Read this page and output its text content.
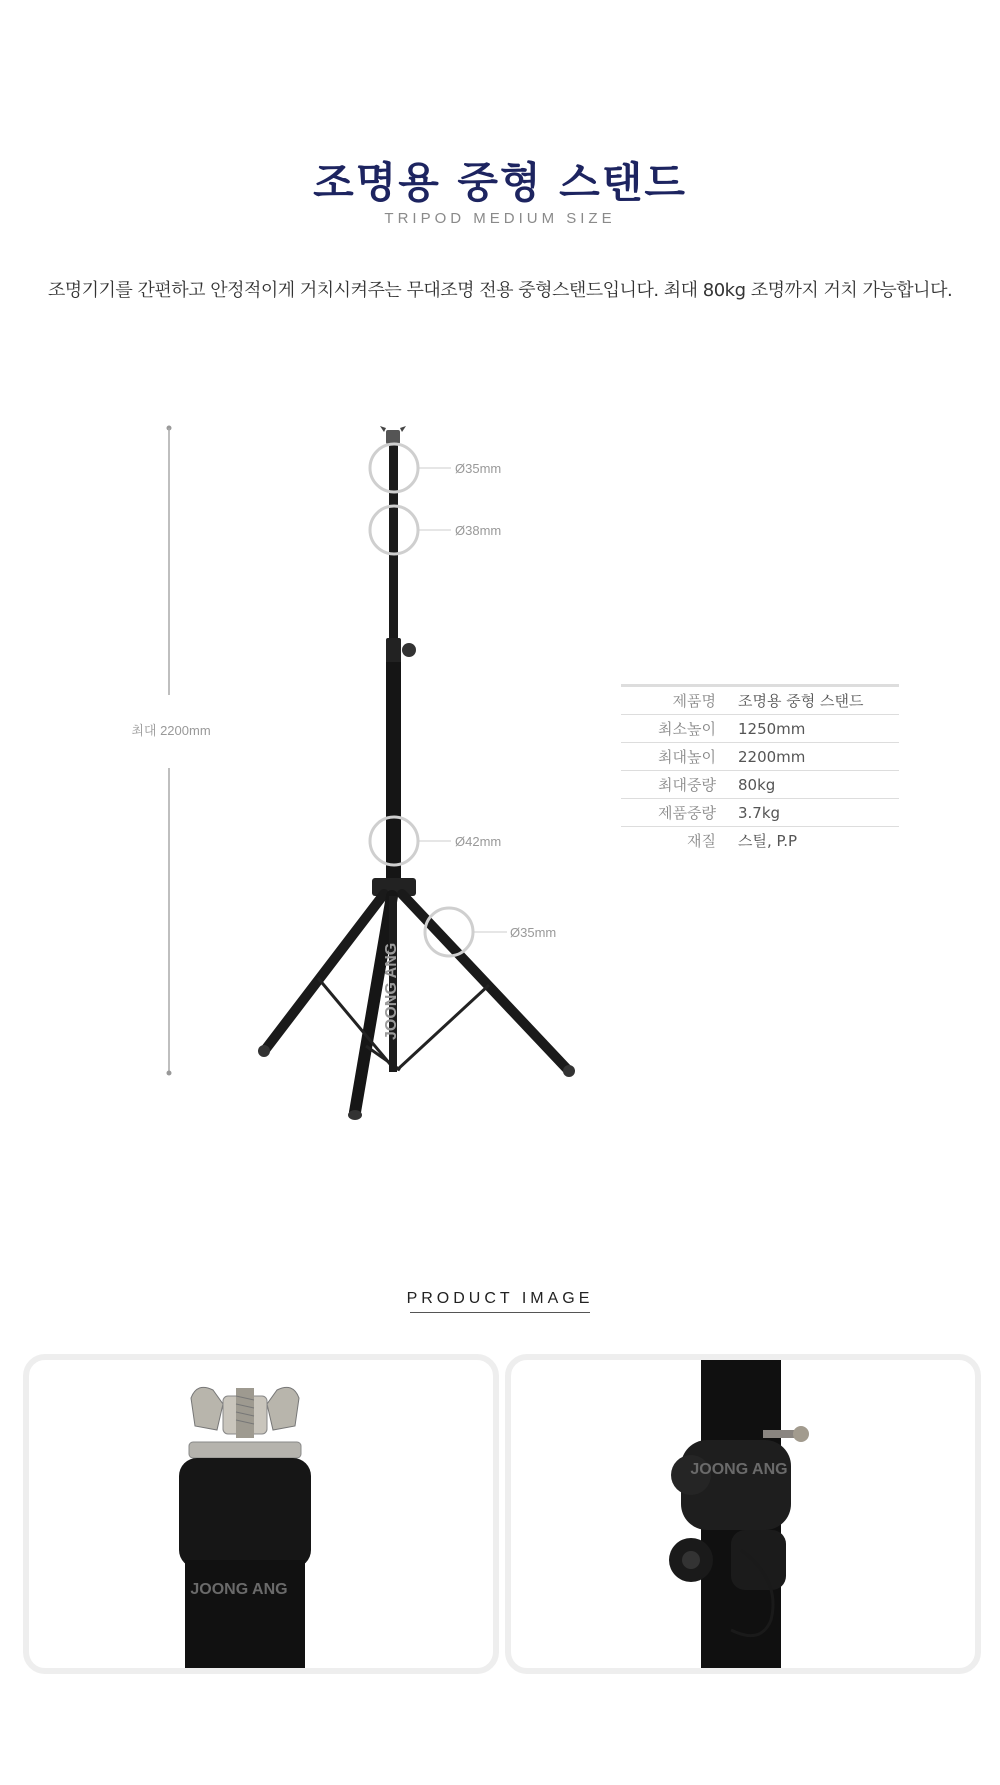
조명용 중형 스탠드
TRIPOD MEDIUM SIZE
조명기기를 간편하고 안정적이게 거치시켜주는 무대조명 전용 중형스탠드입니다. 최대 80kg 조명까지 거치 가능합니다.
최대 2200mm
JOONG ANG
Ø35mm
Ø38mm
Ø42mm
Ø35mm
제품명	조명용 중형 스탠드
최소높이	1250mm
최대높이	2200mm
최대중량	80kg
제품중량	3.7kg
재질	스틸, P.P
PRODUCT IMAGE
JOONG ANG
JOONG ANG
